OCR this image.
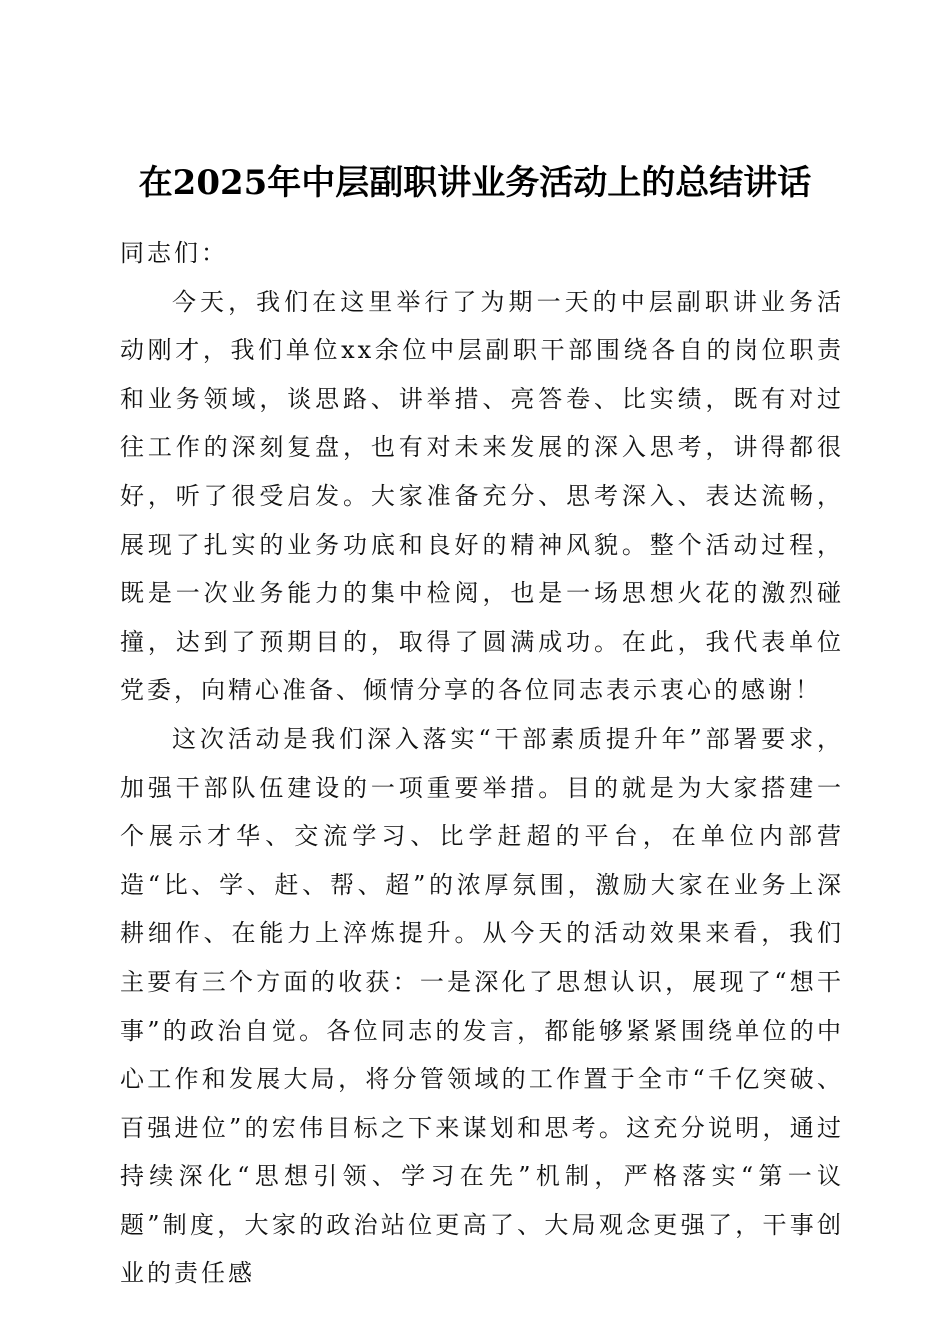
在2025年中层副职讲业务活动上的总结讲话

同志们：

今天，我们在这里举行了为期一天的中层副职讲业务活动刚才，我们单位xx余位中层副职干部围绕各自的岗位职责和业务领域，谈思路、讲举措、亮答卷、比实绩，既有对过往工作的深刻复盘，也有对未来发展的深入思考，讲得都很好，听了很受启发。大家准备充分、思考深入、表达流畅，展现了扎实的业务功底和良好的精神风貌。整个活动过程，既是一次业务能力的集中检阅，也是一场思想火花的激烈碰撞，达到了预期目的，取得了圆满成功。在此，我代表单位党委，向精心准备、倾情分享的各位同志表示衷心的感谢！

这次活动是我们深入落实“干部素质提升年”部署要求，加强干部队伍建设的一项重要举措。目的就是为大家搭建一个展示才华、交流学习、比学赶超的平台，在单位内部营造“比、学、赶、帮、超”的浓厚氛围，激励大家在业务上深耕细作、在能力上淬炼提升。从今天的活动效果来看，我们主要有三个方面的收获：一是深化了思想认识，展现了“想干事”的政治自觉。各位同志的发言，都能够紧紧围绕单位的中心工作和发展大局，将分管领域的工作置于全市“千亿突破、百强进位”的宏伟目标之下来谋划和思考。这充分说明，通过持续深化“思想引领、学习在先”机制，严格落实“第一议题”制度，大家的政治站位更高了、大局观念更强了，干事创业的责任感
